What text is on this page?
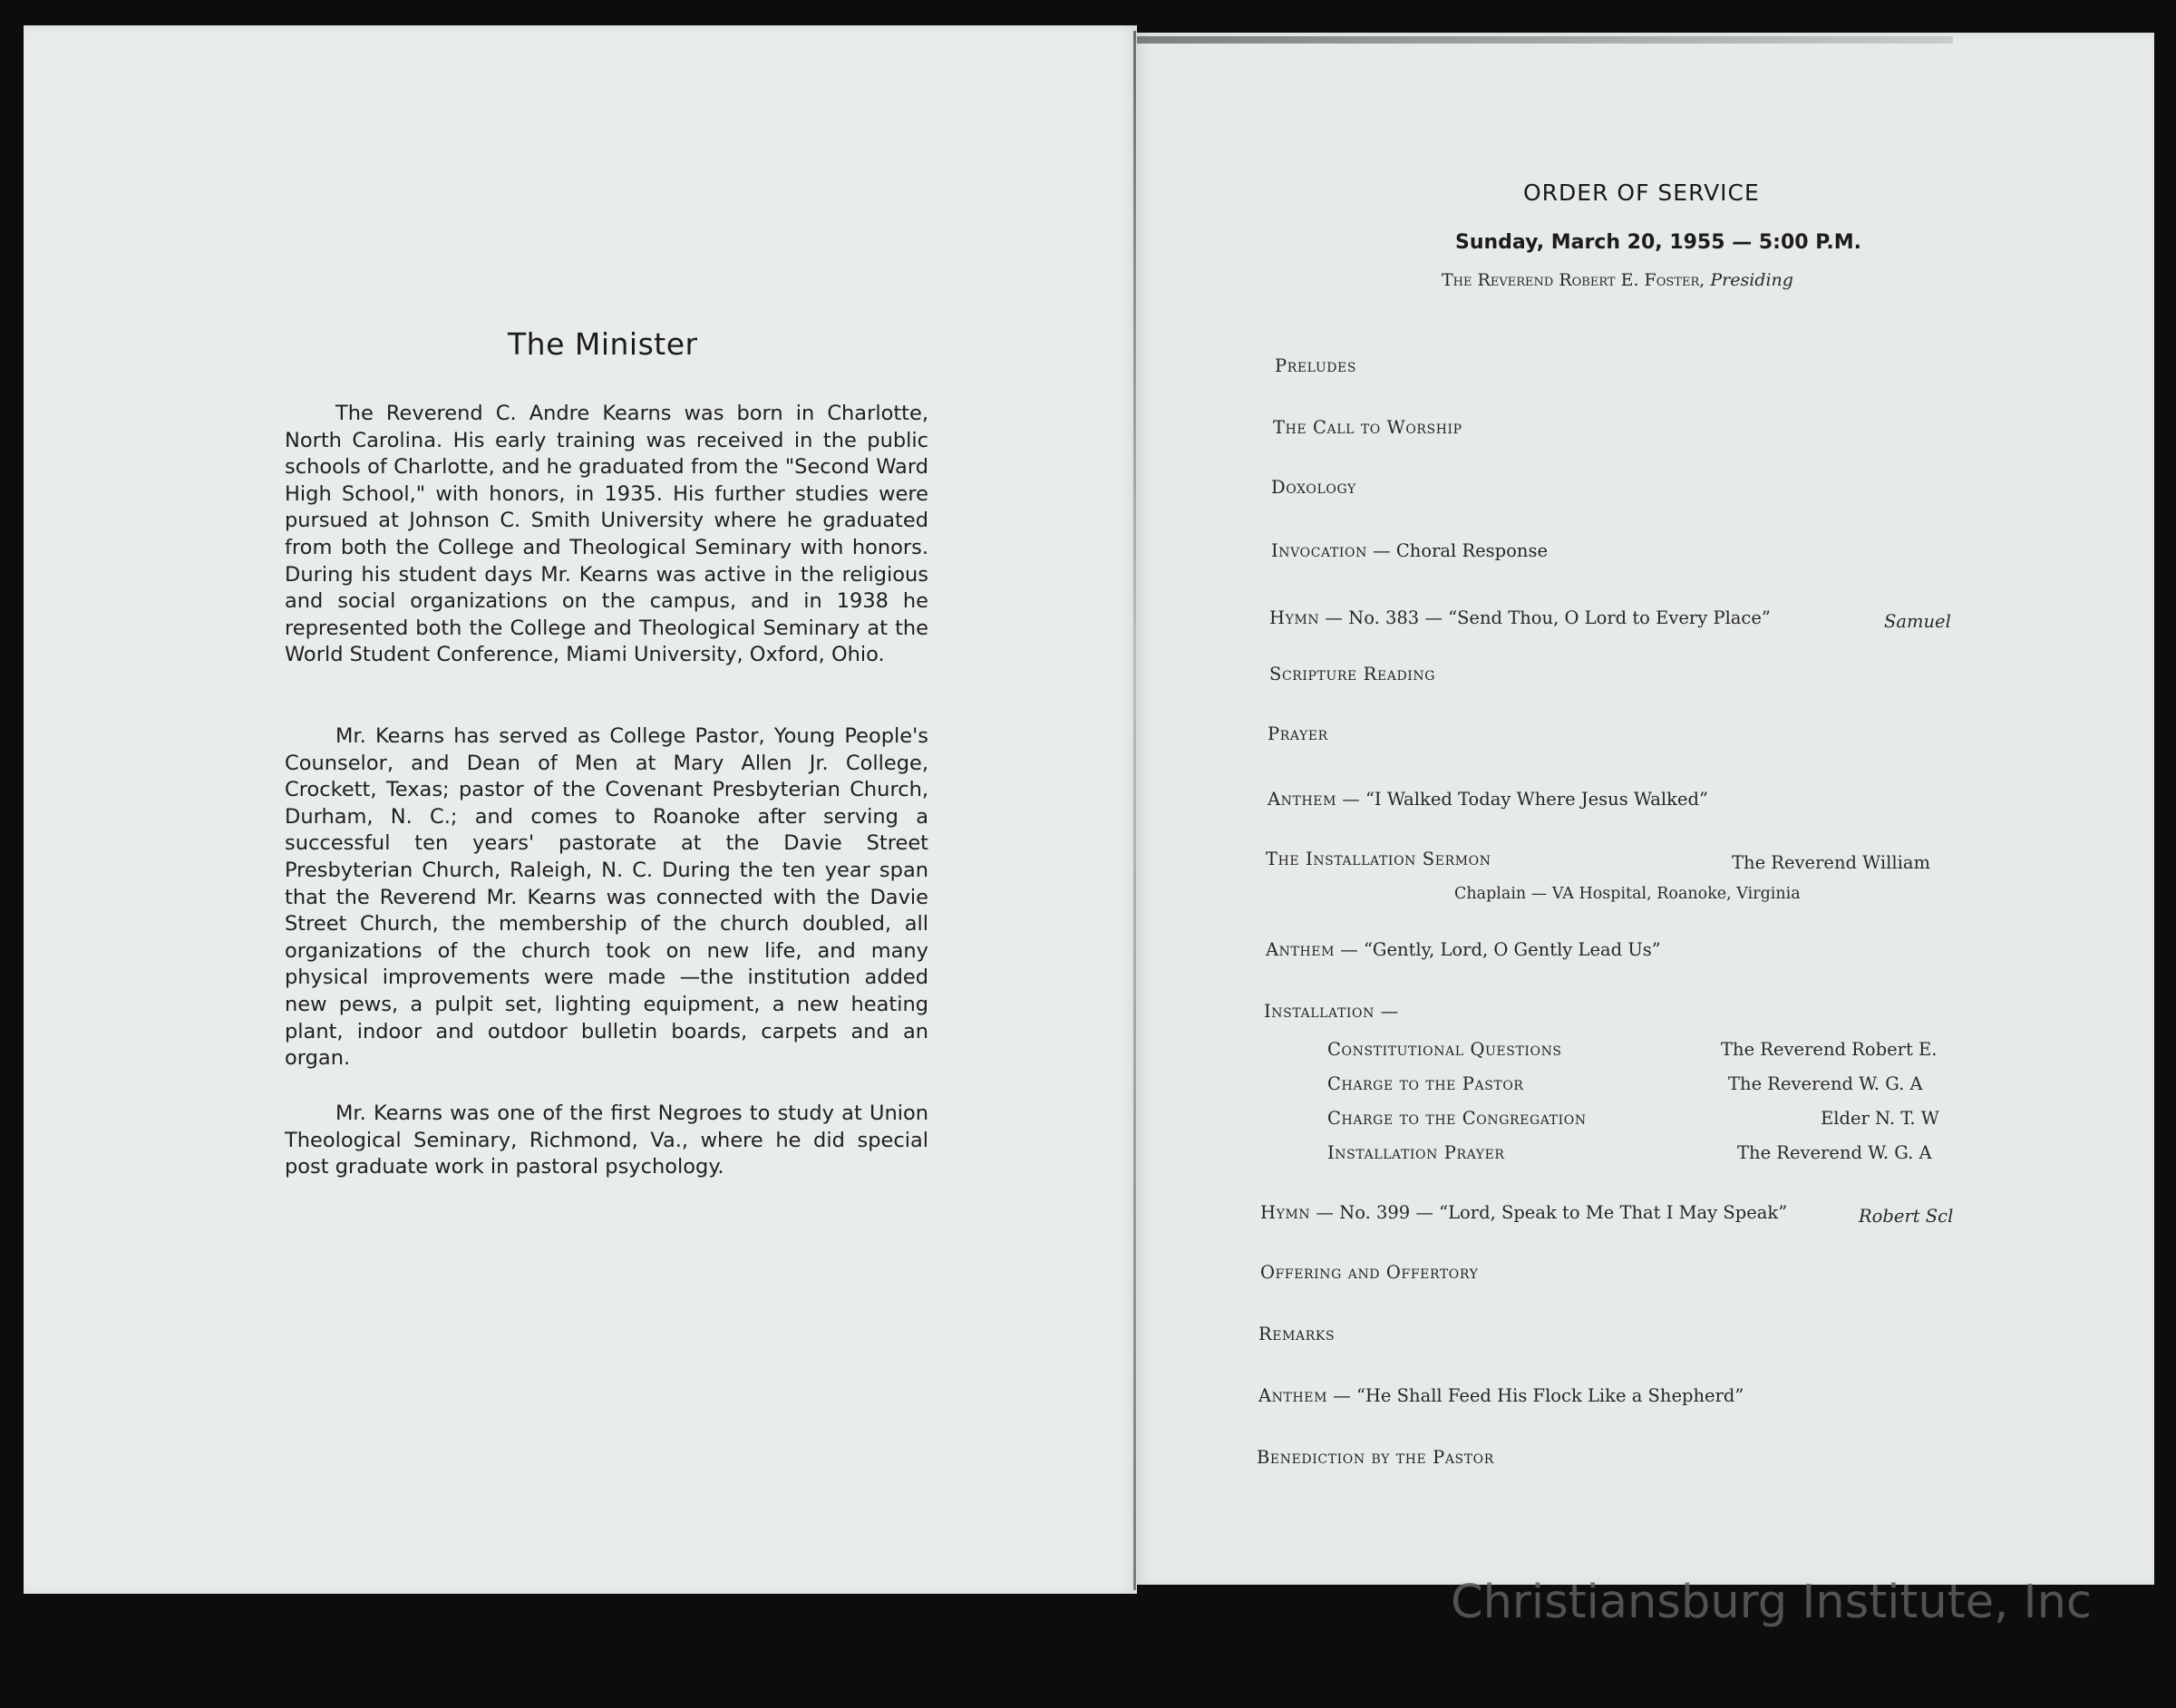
The Minister

The Reverend C. Andre Kearns was born in Charlotte, North Carolina. His early training was received in the public schools of Charlotte, and he graduated from the "Second Ward High School," with honors, in 1935. His further studies were pursued at Johnson C. Smith University where he graduated from both the College and Theological Seminary with honors. During his student days Mr. Kearns was active in the religious and social organizations on the campus, and in 1938 he represented both the College and Theological Seminary at the World Student Conference, Miami University, Oxford, Ohio.

Mr. Kearns has served as College Pastor, Young People's Counselor, and Dean of Men at Mary Allen Jr. College, Crockett, Texas; pastor of the Covenant Presbyterian Church, Durham, N. C.; and comes to Roanoke after serving a successful ten years' pastorate at the Davie Street Presbyterian Church, Raleigh, N. C. During the ten year span that the Reverend Mr. Kearns was connected with the Davie Street Church, the membership of the church doubled, all organizations of the church took on new life, and many physical improvements were made —the institution added new pews, a pulpit set, lighting equipment, a new heating plant, indoor and outdoor bulletin boards, carpets and an organ.

Mr. Kearns was one of the first Negroes to study at Union Theological Seminary, Richmond, Va., where he did special post graduate work in pastoral psychology.

ORDER OF SERVICE
Sunday, March 20, 1955 — 5:00 P.M.
The Reverend Robert E. Foster, Presiding
Preludes
The Call to Worship
Doxology
Invocation — Choral Response
Hymn — No. 383 — “Send Thou, O Lord to Every Place”	Samuel
Scripture Reading
Prayer
Anthem — “I Walked Today Where Jesus Walked”
The Installation Sermon	The Reverend William
Chaplain — VA Hospital, Roanoke, Virginia
Anthem — “Gently, Lord, O Gently Lead Us”
Installation —
Constitutional Questions	The Reverend Robert E.
Charge to the Pastor	The Reverend W. G. A
Charge to the Congregation	Elder N. T. W
Installation Prayer	The Reverend W. G. A
Hymn — No. 399 — “Lord, Speak to Me That I May Speak”	Robert Scl
Offering and Offertory
Remarks
Anthem — “He Shall Feed His Flock Like a Shepherd”
Benediction by the Pastor
Christiansburg Institute, Inc
